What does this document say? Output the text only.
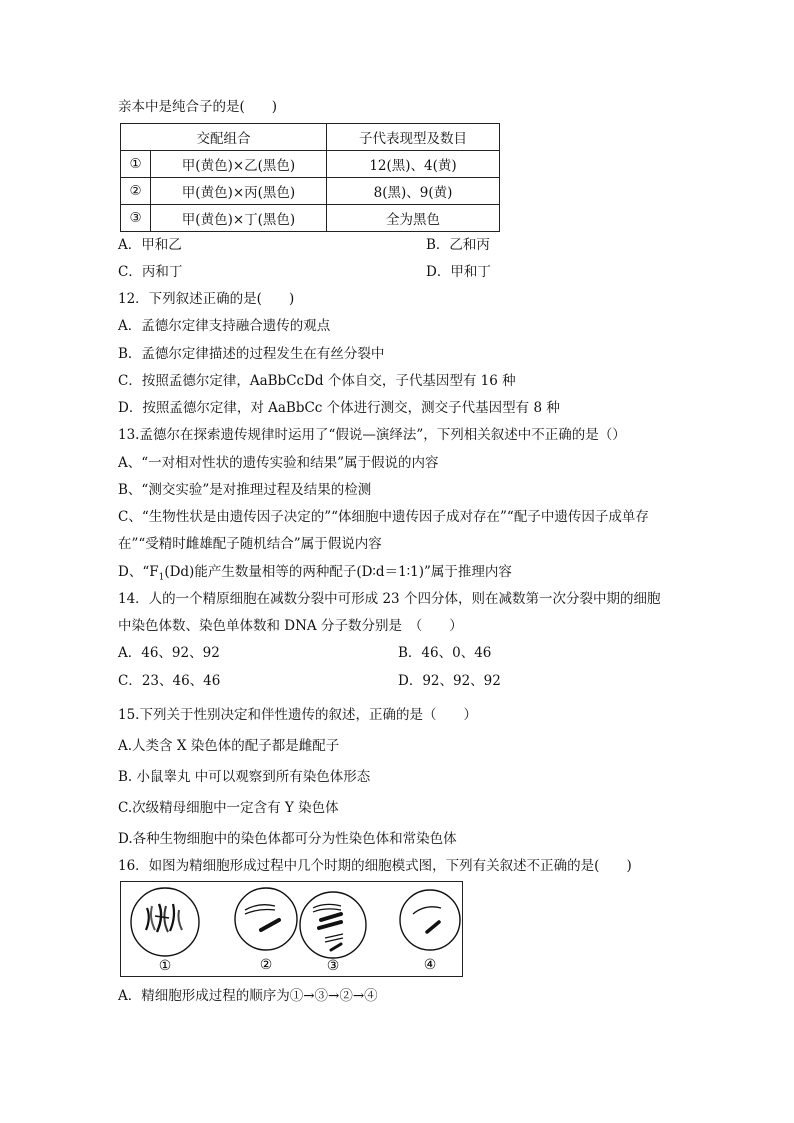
亲本中是纯合子的是(　　)
交配组合		子代表现型及数目
①	甲(黄色)×乙(黑色)	12(黑)、4(黄)
②	甲(黄色)×丙(黑色)	8(黑)、9(黄)
③	甲(黄色)×丁(黑色)	全为黑色
A．甲和乙	B．乙和丙
C．丙和丁	D．甲和丁
12．下列叙述正确的是(　　)
A．孟德尔定律支持融合遗传的观点
B．孟德尔定律描述的过程发生在有丝分裂中
C．按照孟德尔定律，AaBbCcDd 个体自交，子代基因型有 16 种
D．按照孟德尔定律，对 AaBbCc 个体进行测交，测交子代基因型有 8 种
13.孟德尔在探索遗传规律时运用了“假说—演绎法”，下列相关叙述中不正确的是（）
A、“一对相对性状的遗传实验和结果”属于假说的内容
B、“测交实验”是对推理过程及结果的检测
C、“生物性状是由遗传因子决定的”“体细胞中遗传因子成对存在”“配子中遗传因子成单存
在”“受精时雌雄配子随机结合”属于假说内容
D、“$F_1(Dd)$能产生数量相等的两种配子(D∶d＝1∶1)”属于推理内容
14．人的一个精原细胞在减数分裂中可形成 23 个四分体，则在减数第一次分裂中期的细胞
中染色体数、染色单体数和 DNA 分子数分别是　（　　）
A．46、92、92	B．46、0、46
C．23、46、46	D．92、92、92
15.下列关于性别决定和伴性遗传的叙述，正确的是（　　）
A.人类含 X 染色体的配子都是雌配子
B. 小鼠睾丸 中可以观察到所有染色体形态
C.次级精母细胞中一定含有 Y 染色体
D.各种生物细胞中的染色体都可分为性染色体和常染色体
16．如图为精细胞形成过程中几个时期的细胞模式图，下列有关叙述不正确的是(　　)
①	②	③	④
A．精细胞形成过程的顺序为①→③→②→④
